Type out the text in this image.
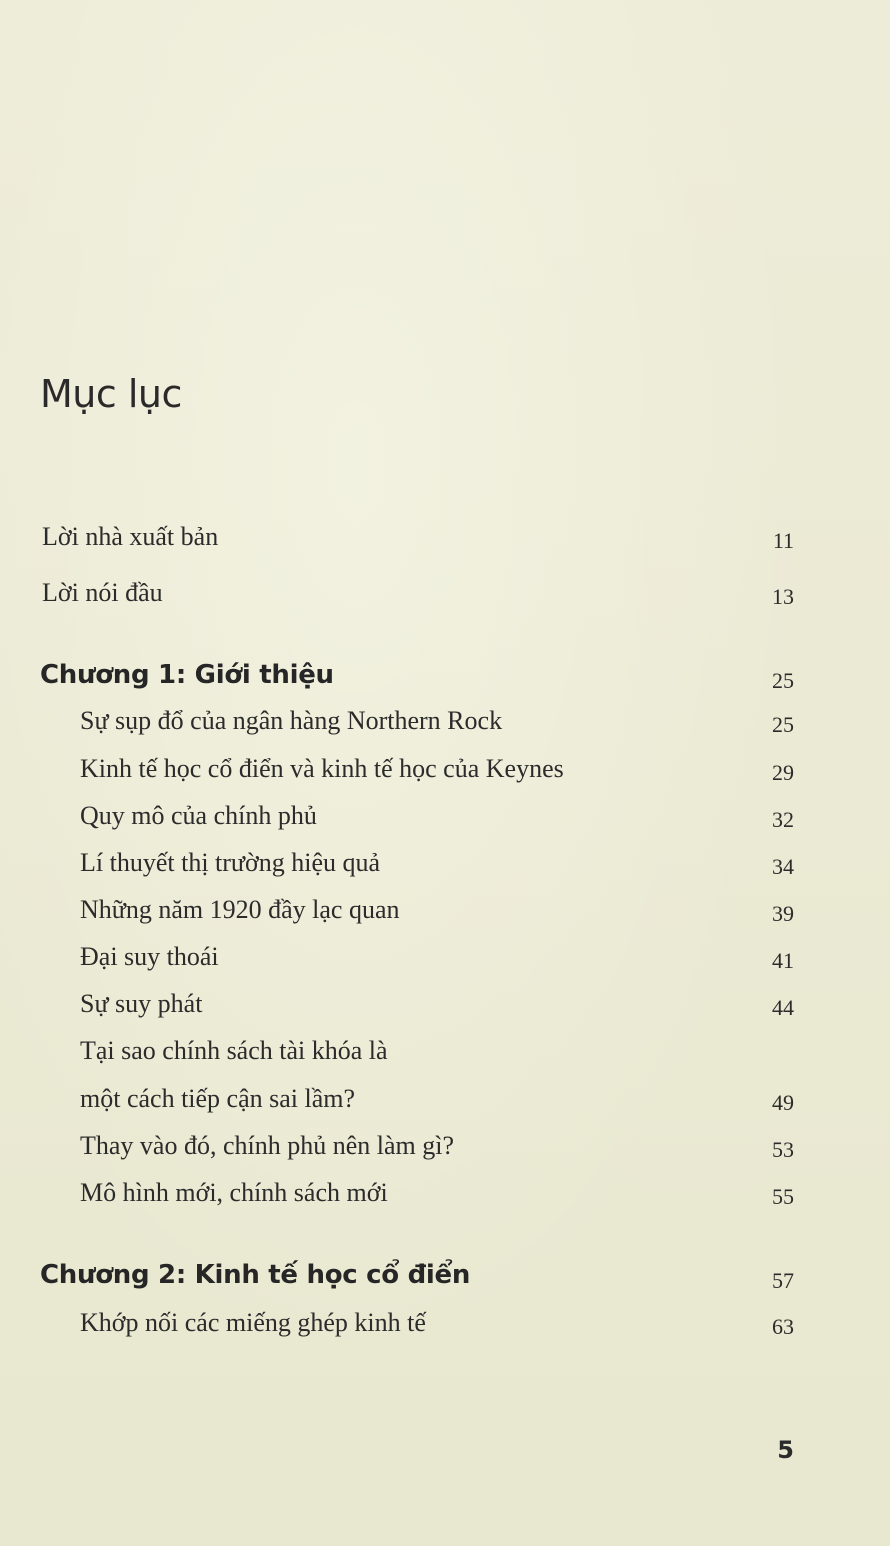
Mục lục
Lời nhà xuất bản	11
Lời nói đầu	13
Chương 1: Giới thiệu	25
Sự sụp đổ của ngân hàng Northern Rock	25
Kinh tế học cổ điển và kinh tế học của Keynes	29
Quy mô của chính phủ	32
Lí thuyết thị trường hiệu quả	34
Những năm 1920 đầy lạc quan	39
Đại suy thoái	41
Sự suy phát	44
Tại sao chính sách tài khóa là
một cách tiếp cận sai lầm?	49
Thay vào đó, chính phủ nên làm gì?	53
Mô hình mới, chính sách mới	55
Chương 2: Kinh tế học cổ điển	57
Khớp nối các miếng ghép kinh tế	63
5
